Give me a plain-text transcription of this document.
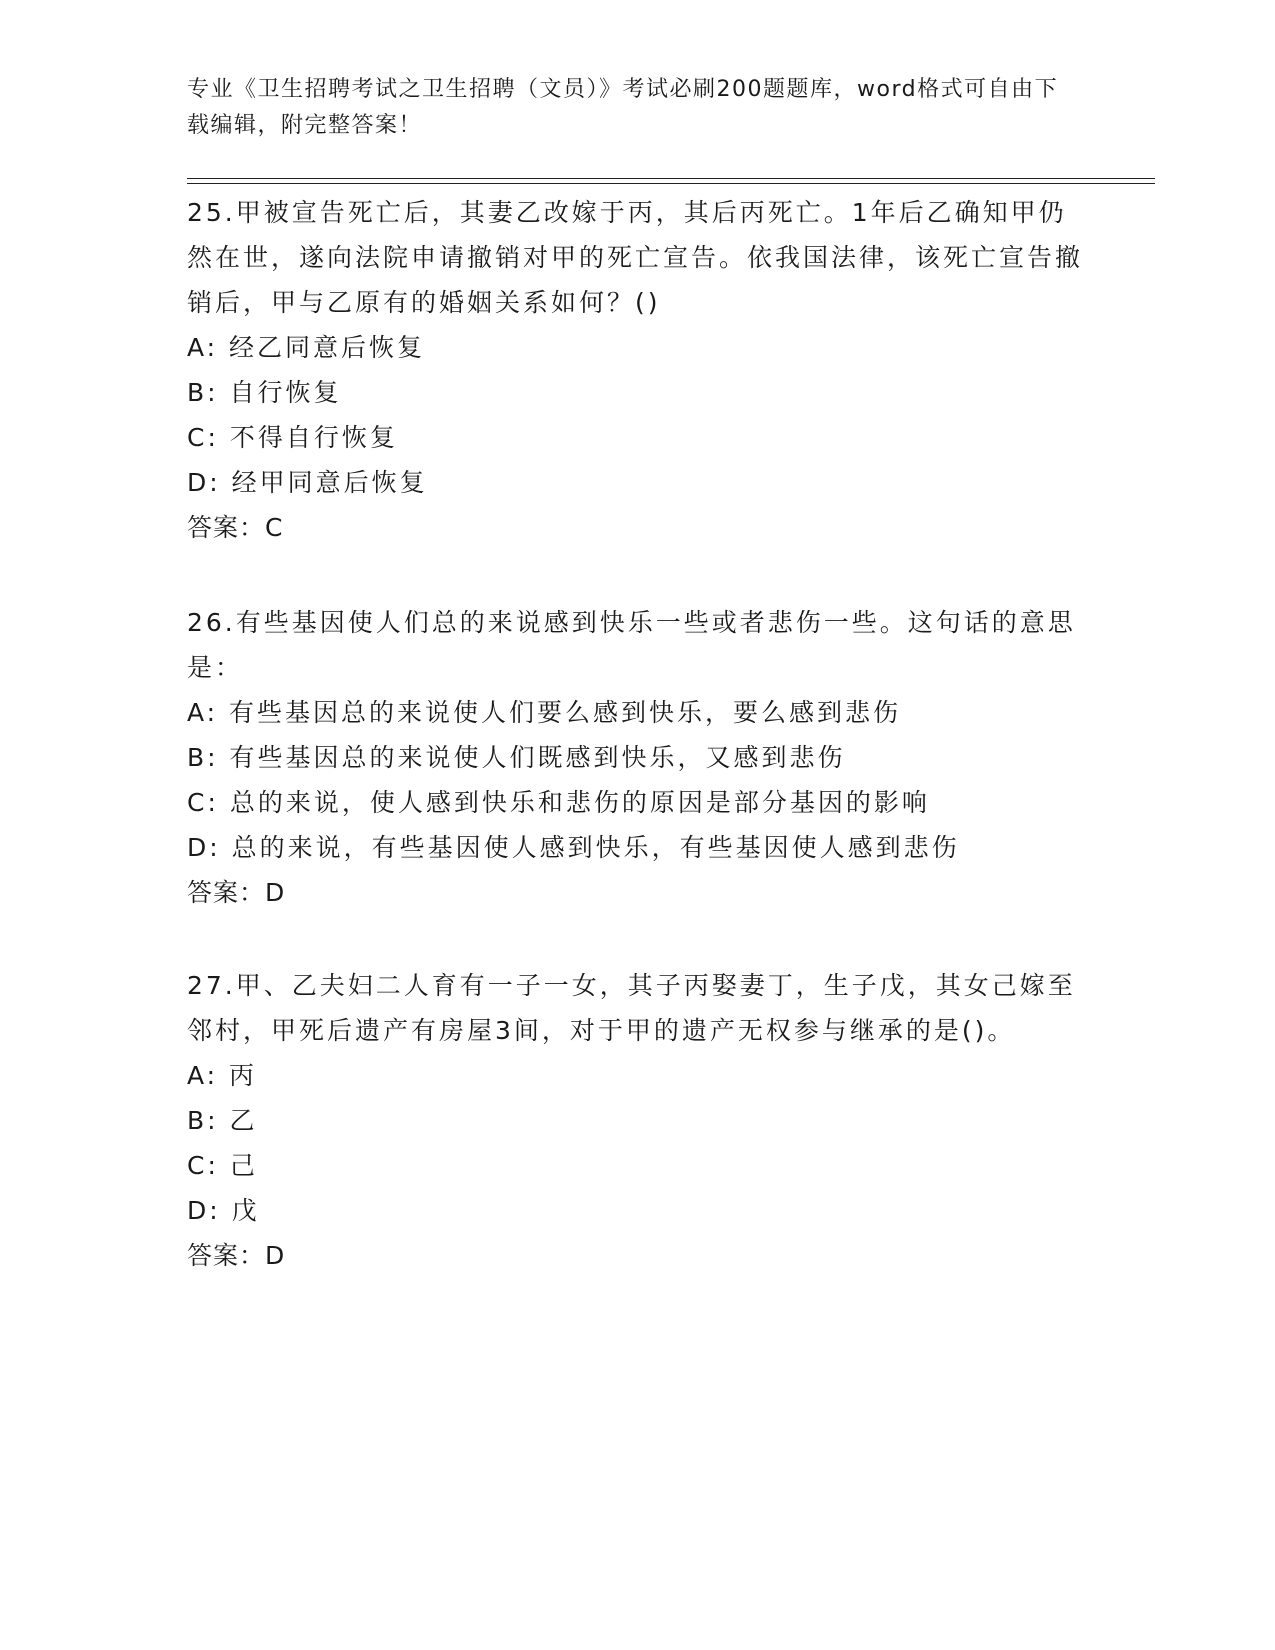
专业《卫生招聘考试之卫生招聘（文员）》考试必刷200题题库，word格式可自由下载编辑，附完整答案！

25.甲被宣告死亡后，其妻乙改嫁于丙，其后丙死亡。1年后乙确知甲仍然在世，遂向法院申请撤销对甲的死亡宣告。依我国法律，该死亡宣告撤销后，甲与乙原有的婚姻关系如何？()

A: 经乙同意后恢复
B: 自行恢复
C: 不得自行恢复
D: 经甲同意后恢复
答案：C

26.有些基因使人们总的来说感到快乐一些或者悲伤一些。这句话的意思是：

A: 有些基因总的来说使人们要么感到快乐，要么感到悲伤
B: 有些基因总的来说使人们既感到快乐，又感到悲伤
C: 总的来说，使人感到快乐和悲伤的原因是部分基因的影响
D: 总的来说，有些基因使人感到快乐，有些基因使人感到悲伤
答案：D

27.甲、乙夫妇二人育有一子一女，其子丙娶妻丁，生子戊，其女己嫁至邻村，甲死后遗产有房屋3间，对于甲的遗产无权参与继承的是()。

A: 丙
B: 乙
C: 己
D: 戊
答案：D
